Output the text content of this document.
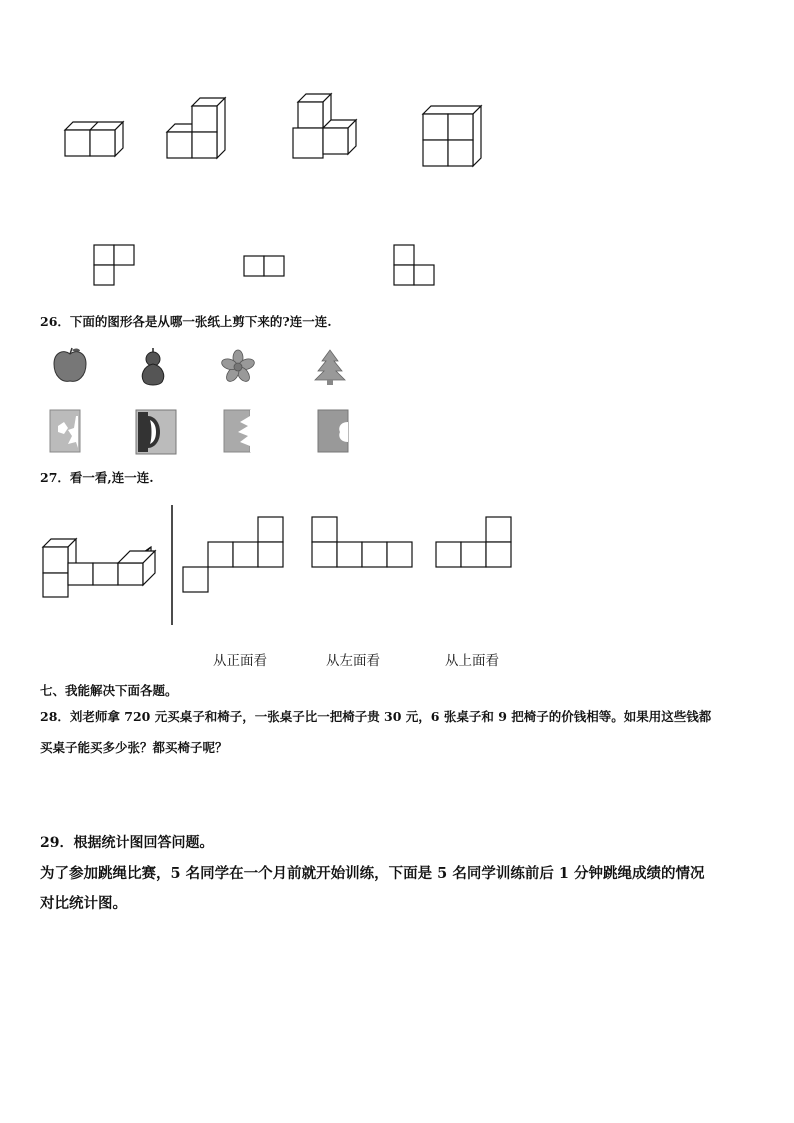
26．下面的图形各是从哪一张纸上剪下来的?连一连.
27．看一看,连一连.
从正面看	从左面看	从上面看
七、我能解决下面各题。
28．刘老师拿 720 元买桌子和椅子，一张桌子比一把椅子贵 30 元，6 张桌子和 9 把椅子的价钱相等。如果用这些钱都
买桌子能买多少张？都买椅子呢？
29．根据统计图回答问题。
为了参加跳绳比赛，5 名同学在一个月前就开始训练，下面是 5 名同学训练前后 1 分钟跳绳成绩的情况
对比统计图。
